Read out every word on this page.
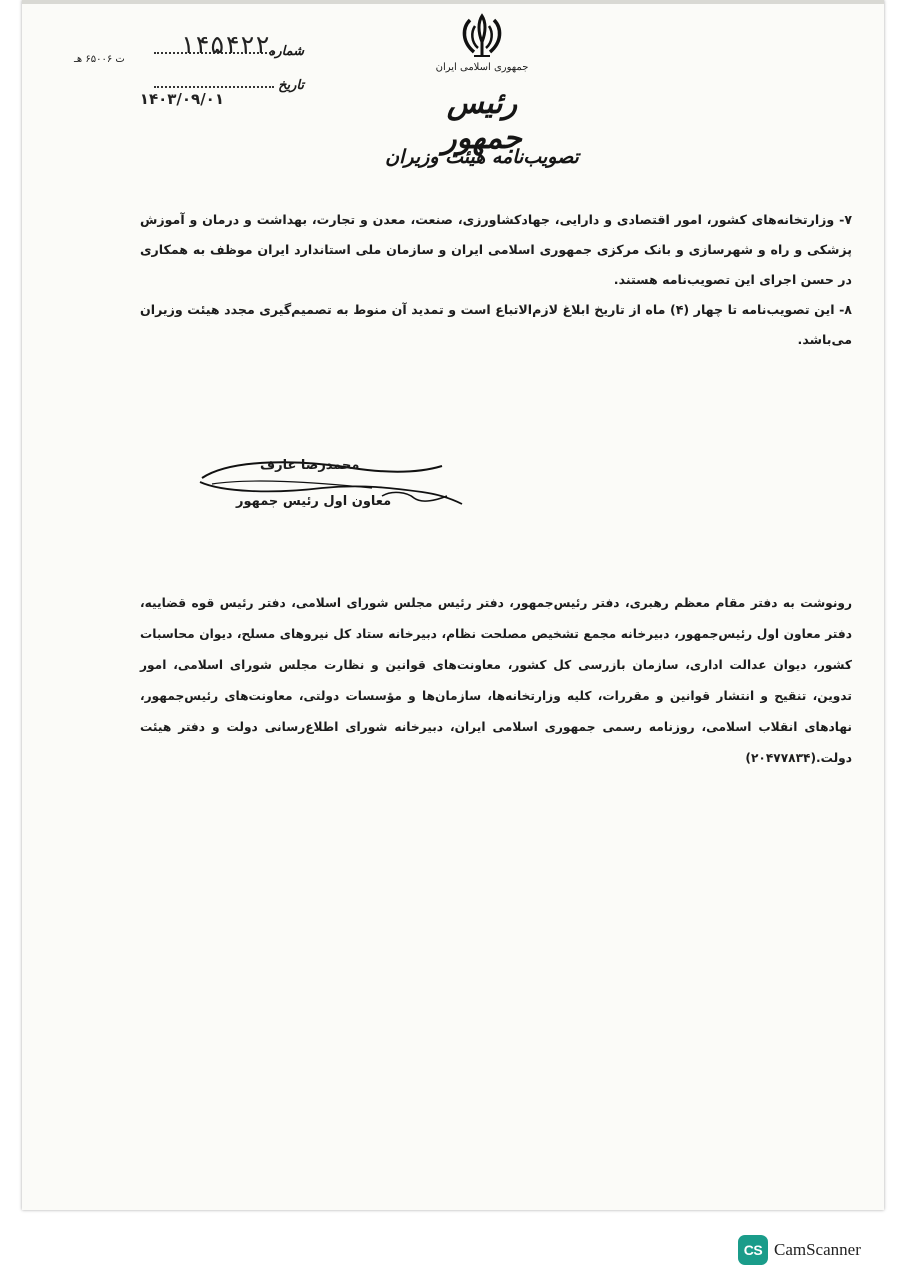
جمهوری اسلامی ایران
رئیس جمهور
تصویب‌نامه هیئت وزیران
شماره
۱۴۵۴۲۲
ت ۶۵۰۰۶ هـ
تاریخ
۱۴۰۳/۰۹/۰۱

۷- وزارتخانه‌های کشور، امور اقتصادی و دارایی، جهادکشاورزی، صنعت، معدن و تجارت، بهداشت و درمان و آموزش پزشکی و راه و شهرسازی و بانک مرکزی جمهوری اسلامی ایران و سازمان ملی استاندارد ایران موظف به همکاری در حسن اجرای این تصویب‌نامه هستند.

۸- این تصویب‌نامه تا چهار (۴) ماه از تاریخ ابلاغ لازم‌الاتباع است و تمدید آن منوط به تصمیم‌گیری مجدد هیئت وزیران می‌باشد.

محمدرضا عارف
معاون اول رئیس جمهور

رونوشت به دفتر مقام معظم رهبری، دفتر رئیس‌جمهور، دفتر رئیس مجلس شورای اسلامی، دفتر رئیس قوه قضاییه، دفتر معاون اول رئیس‌جمهور، دبیرخانه مجمع تشخیص مصلحت نظام، دبیرخانه ستاد کل نیروهای مسلح، دیوان محاسبات کشور، دیوان عدالت اداری، سازمان بازرسی کل کشور، معاونت‌های قوانین و نظارت مجلس شورای اسلامی، امور تدوین، تنقیح و انتشار قوانین و مقررات، کلیه وزارتخانه‌ها، سازمان‌ها و مؤسسات دولتی، معاونت‌های رئیس‌جمهور، نهادهای انقلاب اسلامی، روزنامه رسمی جمهوری اسلامی ایران، دبیرخانه شورای اطلاع‌رسانی دولت و دفتر هیئت دولت.(۲۰۴۷۷۸۳۴)

CS CamScanner
